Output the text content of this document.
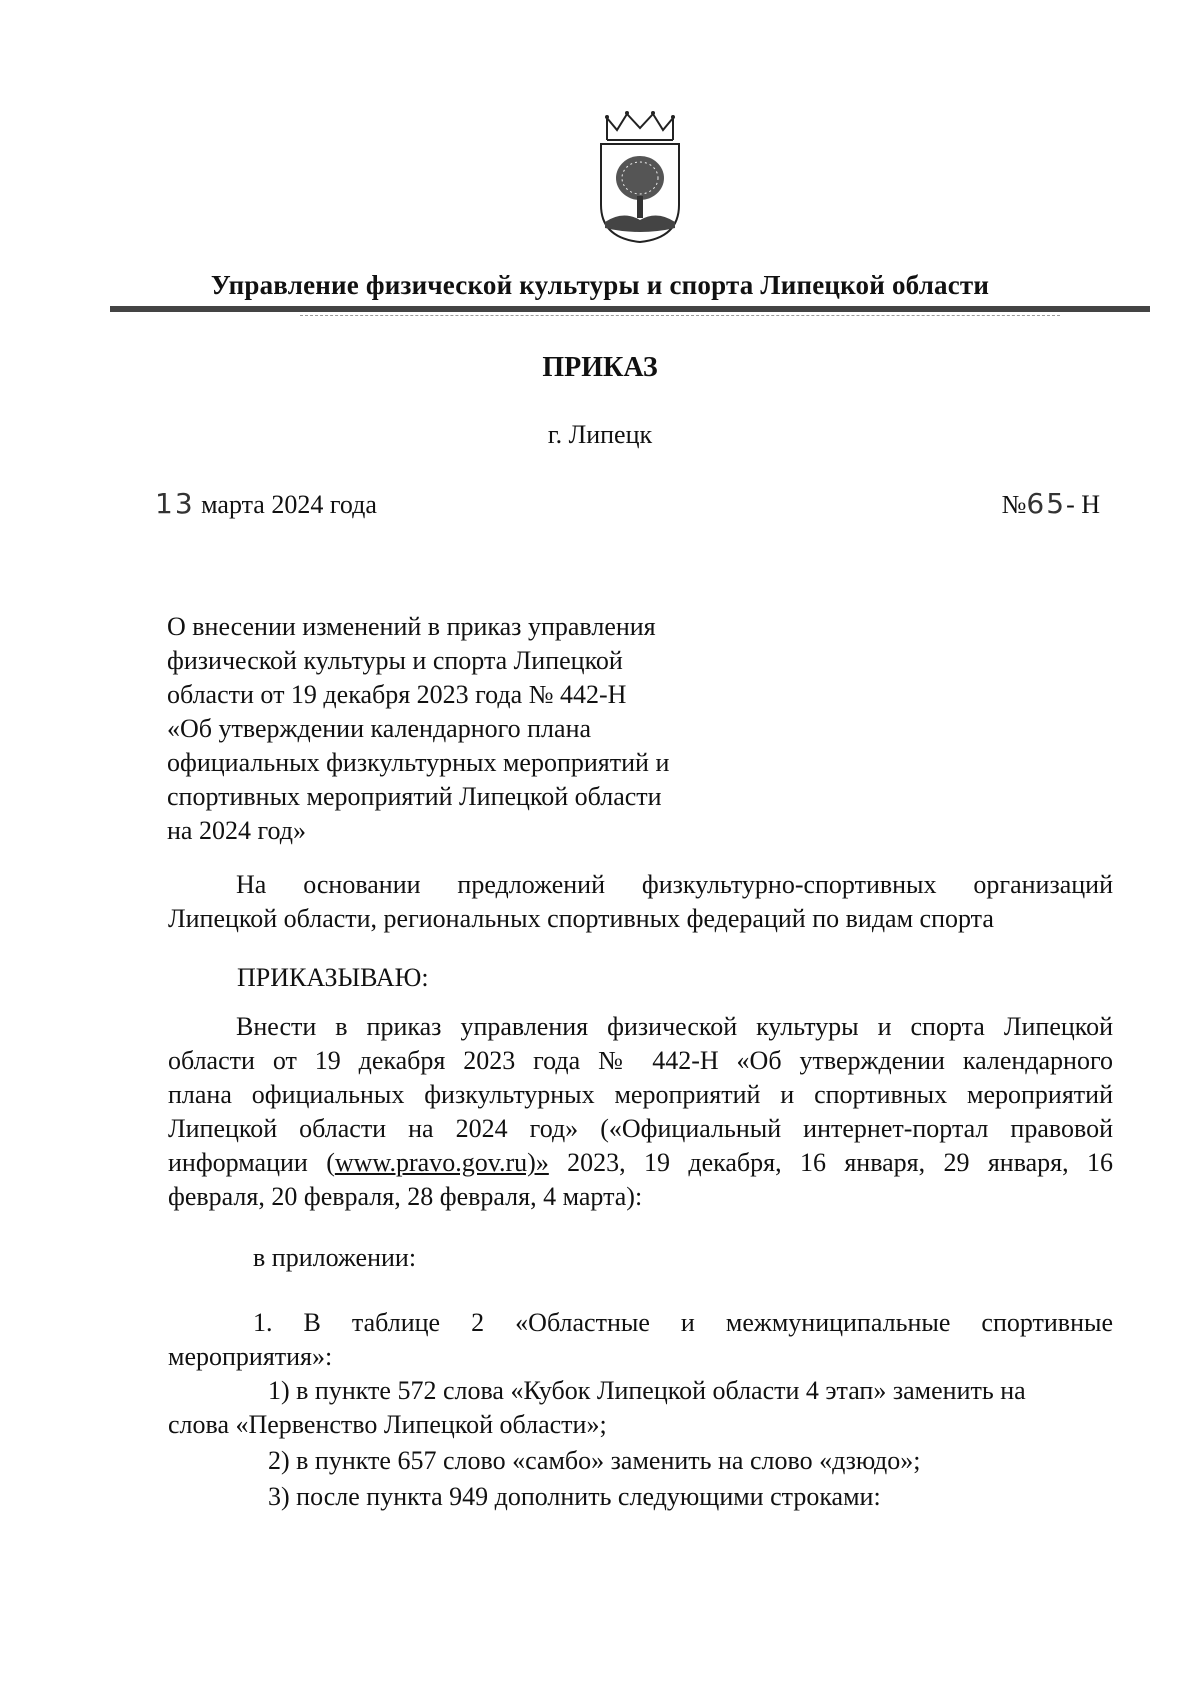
Управление физической культуры и спорта Липецкой области
ПРИКАЗ
г. Липецк
13 марта 2024 года	№65- Н
О внесении изменений в приказ управления
физической культуры и спорта Липецкой
области от 19 декабря 2023 года № 442-Н
«Об утверждении календарного плана
официальных физкультурных мероприятий и
спортивных мероприятий Липецкой области
на 2024 год»
На основании предложений физкультурно-спортивных организаций
Липецкой области, региональных спортивных федераций по видам спорта
ПРИКАЗЫВАЮ:
Внести в приказ управления физической культуры и спорта Липецкой
области от 19 декабря 2023 года № 442-Н «Об утверждении календарного
плана официальных физкультурных мероприятий и спортивных мероприятий
Липецкой области на 2024 год» («Официальный интернет-портал правовой
информации (www.pravo.gov.ru)» 2023, 19 декабря, 16 января, 29 января, 16
февраля, 20 февраля, 28 февраля, 4 марта):
в приложении:
1. В таблице 2 «Областные и межмуниципальные спортивные
мероприятия»:
1) в пункте 572 слова «Кубок Липецкой области 4 этап» заменить на
слова «Первенство Липецкой области»;
2) в пункте 657 слово «самбо» заменить на слово «дзюдо»;
3) после пункта 949 дополнить следующими строками:
